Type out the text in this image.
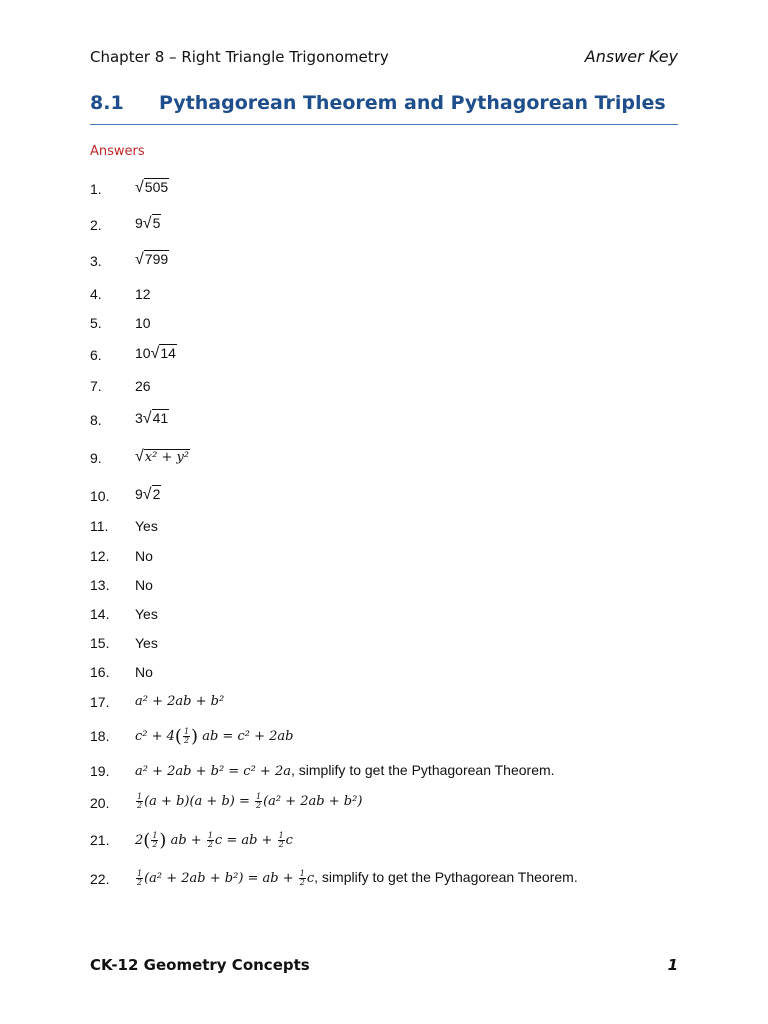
Chapter 8 – Right Triangle Trigonometry	Answer Key
8.1 Pythagorean Theorem and Pythagorean Triples
Answers
1. √505
2. 9√5
3. √799
4. 12
5. 10
6. 10√14
7. 26
8. 3√41
9. √x² + y²
10. 9√2
11. Yes
12. No
13. No
14. Yes
15. Yes
16. No
17. a² + 2ab + b²
18. $c^2 + 4( \frac{1}{2}$ ) ab = c² + 2ab
19. a² + 2ab + b² = c² + 2a, simplify to get the Pythagorean Theorem.
20.	$\frac{1}{2} (a + b)(a + b) = \frac{1}{2} (a^2 + 2ab + b^2)$
21. $2( \frac{1}{2}$ ) ab + $\frac{1}{2}$ c = ab + $\frac{1}{2}$ c
22.	$\frac{1}{2} (a^2 + 2ab + b^2)$ = ab + $\frac{1}{2} c$, simplify to get the Pythagorean Theorem.
CK-12 Geometry Concepts	1
